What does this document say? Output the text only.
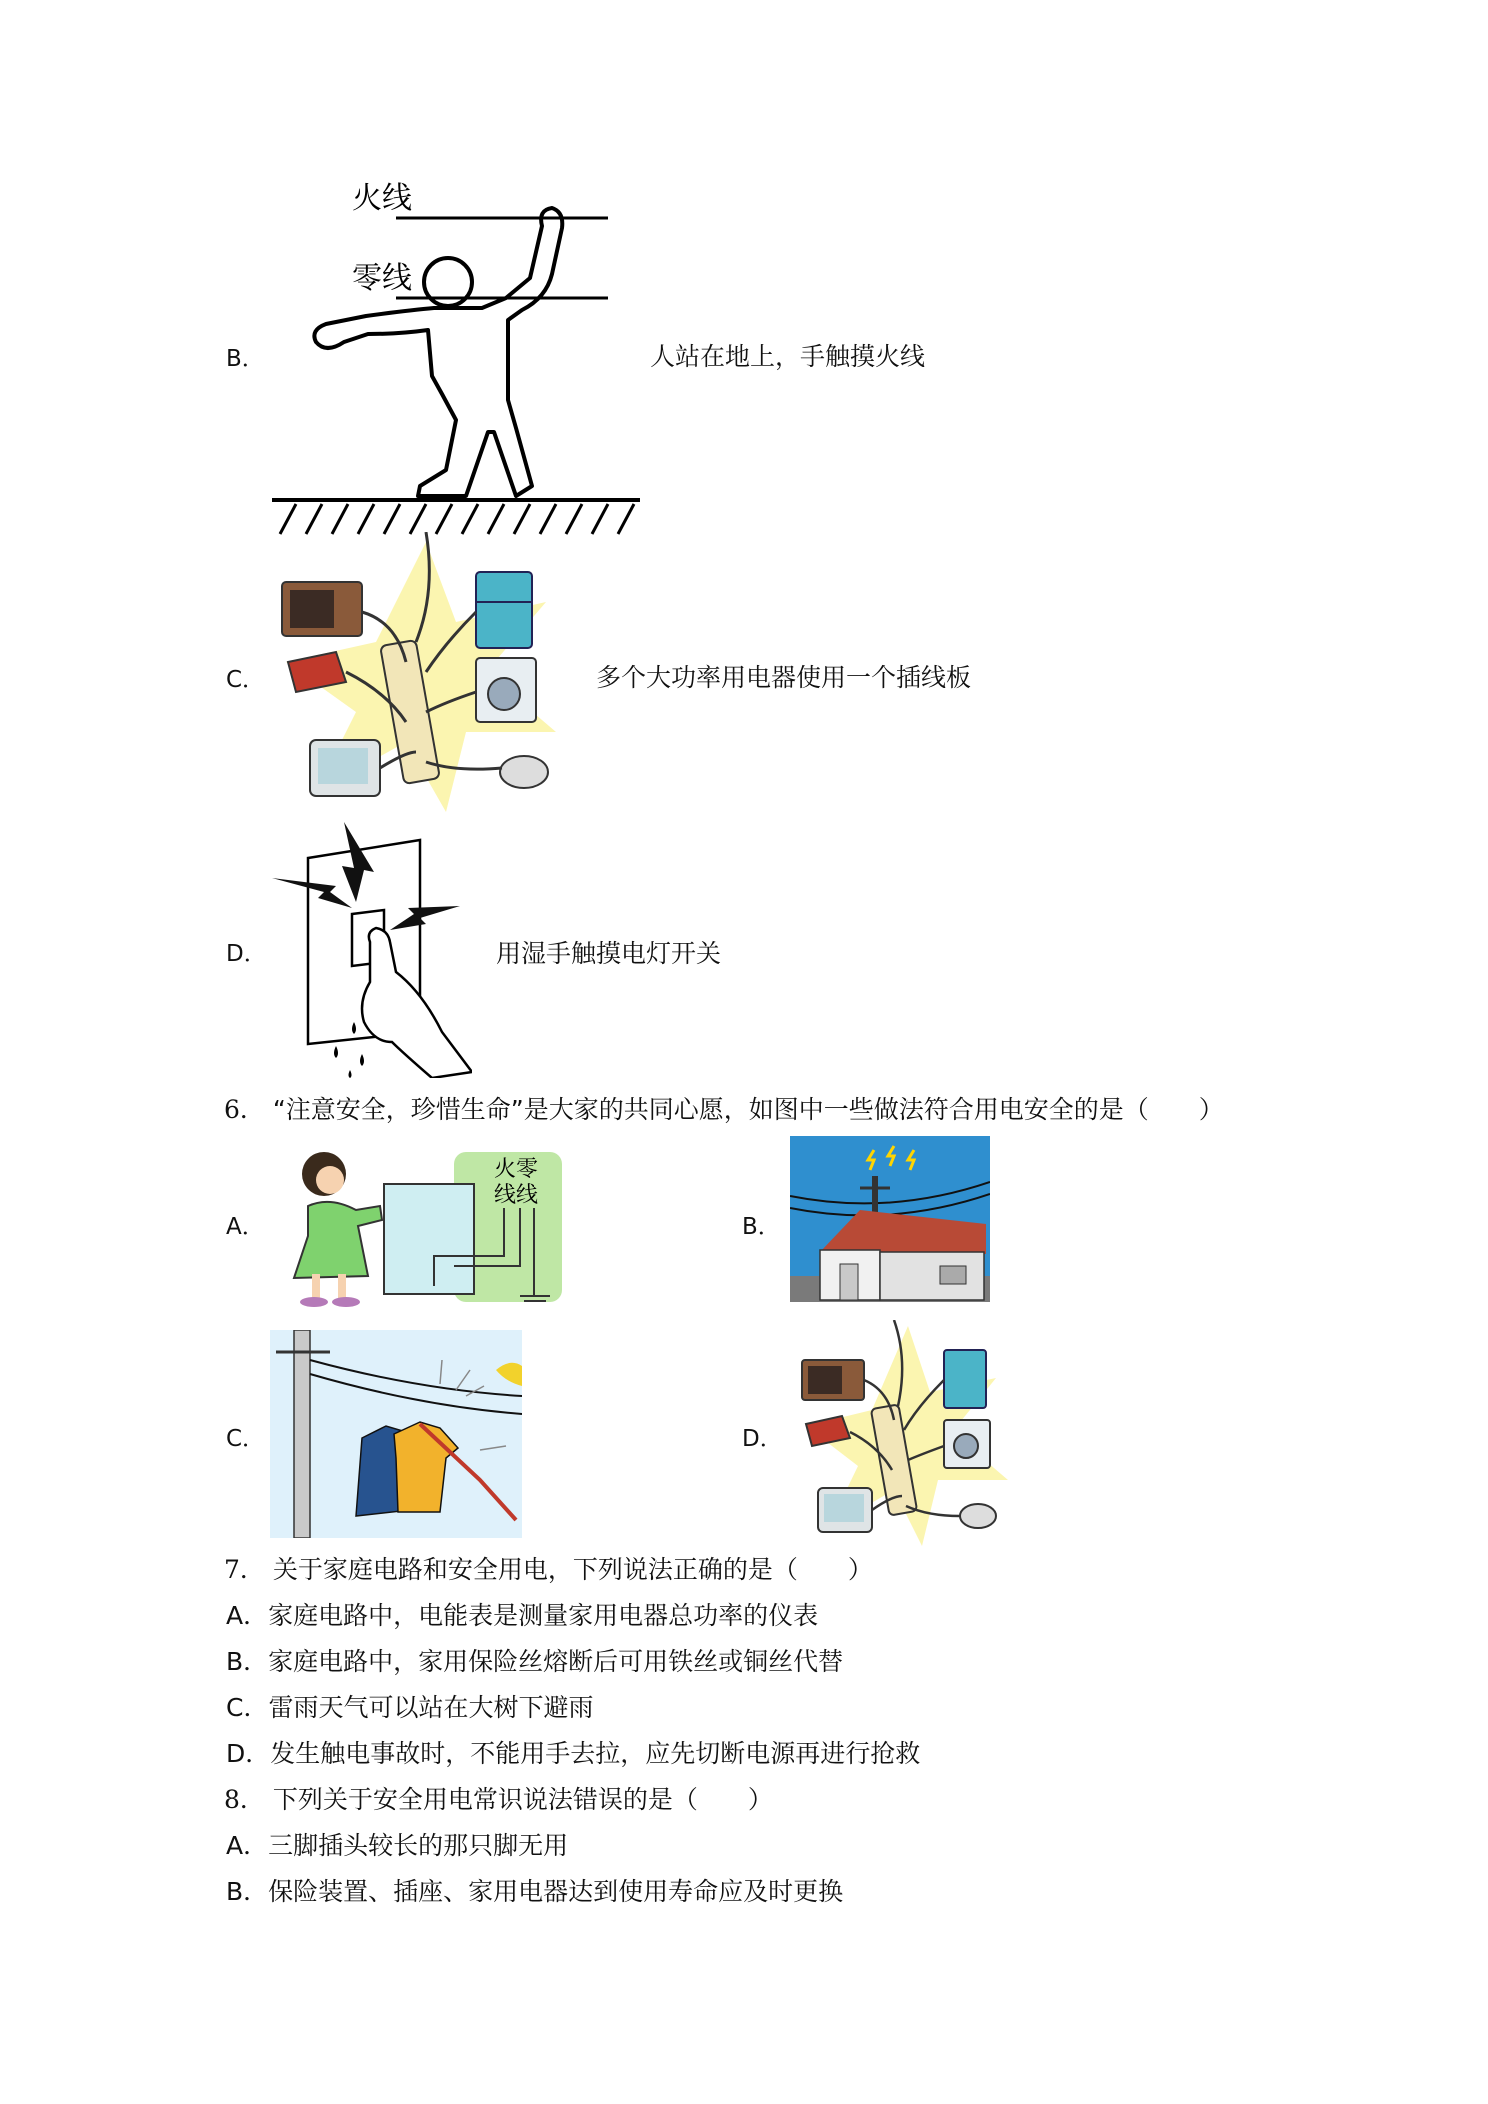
B．
火线
零线
人站在地上，手触摸火线
C．	多个大功率用电器使用一个插线板
D．	用湿手触摸电灯开关
6． “注意安全，珍惜生命”是大家的共同心愿，如图中一些做法符合用电安全的是（　　）
A．
火零
线线
B．
C．	D．
7． 关于家庭电路和安全用电，下列说法正确的是（　　）
A．家庭电路中，电能表是测量家用电器总功率的仪表
B．家庭电路中，家用保险丝熔断后可用铁丝或铜丝代替
C．雷雨天气可以站在大树下避雨
D．发生触电事故时，不能用手去拉，应先切断电源再进行抢救
8． 下列关于安全用电常识说法错误的是（　　）
A．三脚插头较长的那只脚无用
B．保险装置、插座、家用电器达到使用寿命应及时更换
